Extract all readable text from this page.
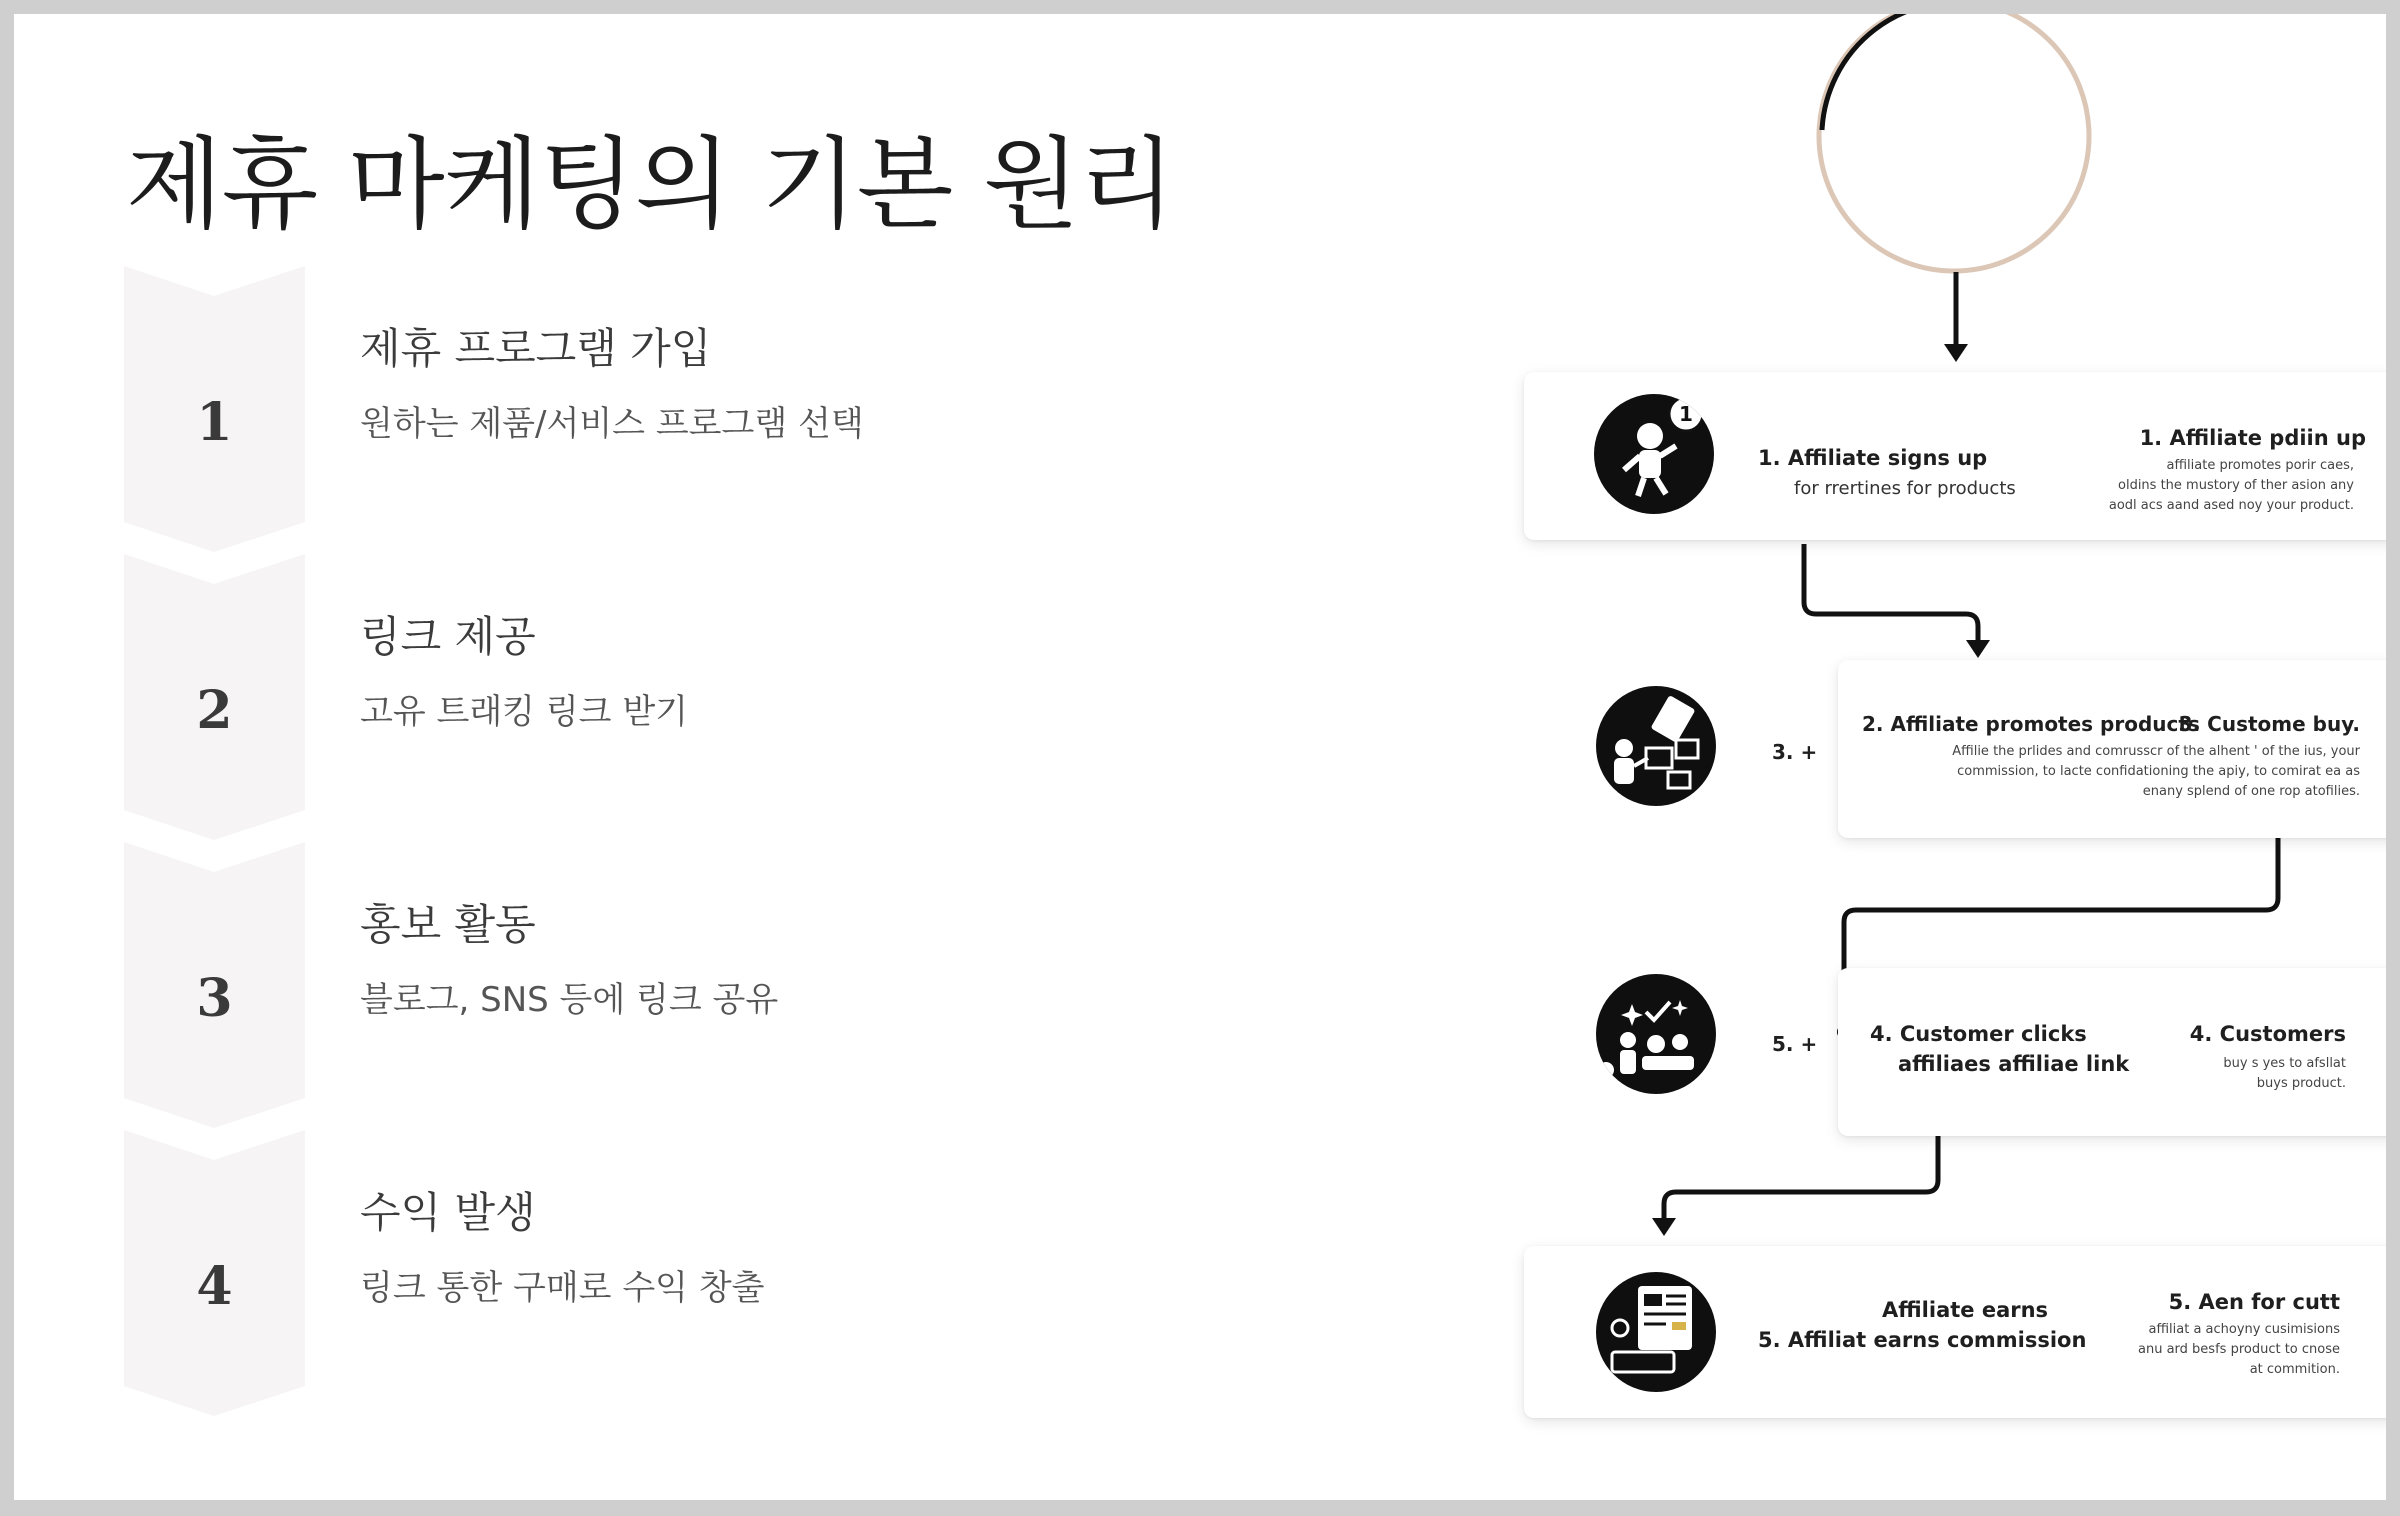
제휴 마케팅의 기본 원리
1
2
3
4
제휴 프로그램 가입
원하는 제품/서비스 프로그램 선택
링크 제공
고유 트래킹 링크 받기
홍보 활동
블로그, SNS 등에 링크 공유
수익 발생
링크 통한 구매로 수익 창출
1
1. Affiliate signs up
for rrertines for products
1. Affiliate pdiin up
affiliate promotes porir caes,
oldins the mustory of ther asion any
aodl acs aand ased noy your product.
3. +
2. Affiliate promotes products
3. Custome buy.
Affilie the prlides and comrusscr of the alhent ' of the ius, your
commission, to lacte confidationing the apiy, to comirat ea as
enany splend of one rop atofilies.
5. +	4. Customer clicks
affiliaes affiliae link
4. Customers
buy s yes to afsllat
buys product.
Affiliate earns
5. Affiliat earns commission
5. Aen for cutt
affiliat a achoyny cusimisions
anu ard besfs product to cnose
at commition.
